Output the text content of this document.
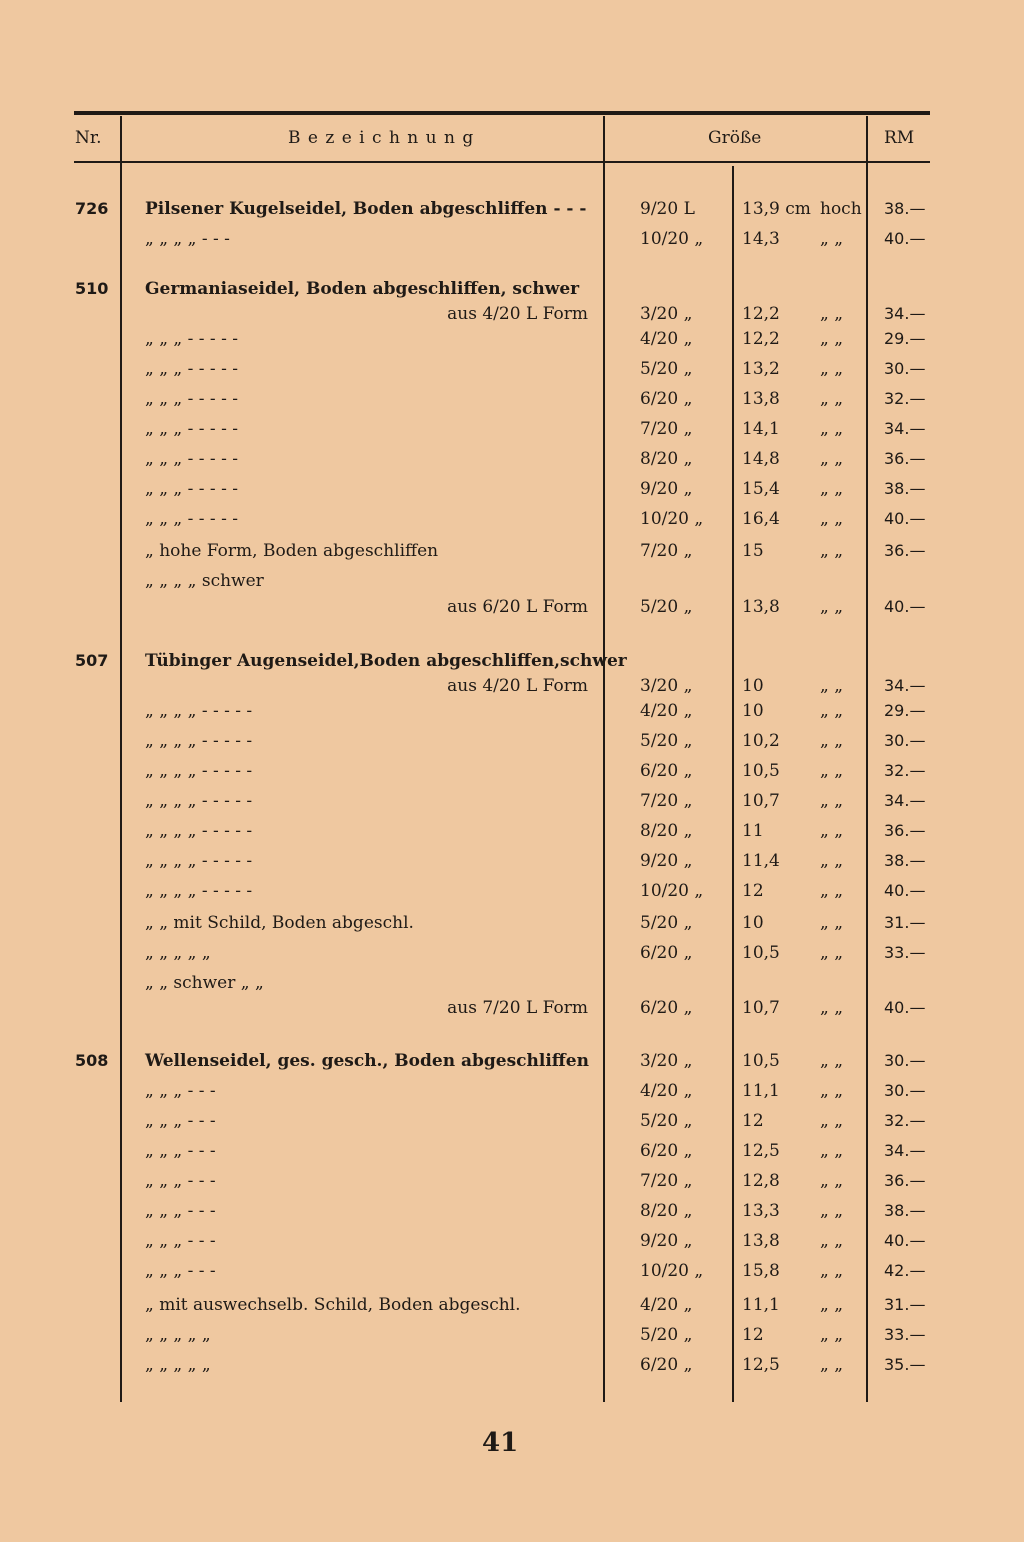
Nr.	B e z e i c h n u n g	Größe	RM
726 Pilsener Kugelseidel, Boden abgeschliffen - - -	9/20 L	13,9 cm hoch 38.—
„ „ „ „ - - -	10/20 „ 14,3 „ „	40.—
510 Germaniaseidel, Boden abgeschliffen, schwer
aus 4/20 L Form	3/20 „	12,2 „ „	34.—
„ „ „ - - - - -	4/20 „	12,2 „ „	29.—
„ „ „ - - - - -	5/20 „	13,2 „ „	30.—
„ „ „ - - - - -	6/20 „	13,8 „ „	32.—
„ „ „ - - - - -	7/20 „	14,1 „ „	34.—
„ „ „ - - - - -	8/20 „	14,8 „ „	36.—
„ „ „ - - - - -	9/20 „	15,4 „ „	38.—
„ „ „ - - - - -	10/20 „ 16,4 „ „	40.—
„ hohe Form, Boden abgeschliffen	7/20 „	15	„ „	36.—
„ „ „ „ schwer
aus 6/20 L Form	5/20 „	13,8 „ „	40.—
507 Tübinger Augenseidel,Boden abgeschliffen,schwer
aus 4/20 L Form	3/20 „	10	„ „	34.—
„ „ „ „ - - - - -	4/20 „	10	„ „	29.—
„ „ „ „ - - - - -	5/20 „	10,2 „ „	30.—
„ „ „ „ - - - - -	6/20 „	10,5 „ „	32.—
„ „ „ „ - - - - -	7/20 „	10,7 „ „	34.—
„ „ „ „ - - - - -	8/20 „	11	„ „	36.—
„ „ „ „ - - - - -	9/20 „	11,4 „ „	38.—
„ „ „ „ - - - - -	10/20 „ 12	„ „	40.—
„ „ mit Schild, Boden abgeschl.	5/20 „	10	„ „	31.—
„ „ „ „ „	6/20 „	10,5 „ „	33.—
„ „ schwer „ „
aus 7/20 L Form	6/20 „	10,7 „ „	40.—
508 Wellenseidel, ges. gesch., Boden abgeschliffen	3/20 „	10,5 „ „	30.—
„ „ „ - - -	4/20 „	11,1 „ „	30.—
„ „ „ - - -	5/20 „	12	„ „	32.—
„ „ „ - - -	6/20 „	12,5 „ „	34.—
„ „ „ - - -	7/20 „	12,8 „ „	36.—
„ „ „ - - -	8/20 „	13,3 „ „	38.—
„ „ „ - - -	9/20 „	13,8 „ „	40.—
„ „ „ - - -	10/20 „ 15,8 „ „	42.—
„ mit auswechselb. Schild, Boden abgeschl.	4/20 „	11,1 „ „	31.—
„ „ „ „ „	5/20 „	12	„ „	33.—
„ „ „ „ „	6/20 „	12,5 „ „	35.—
41
